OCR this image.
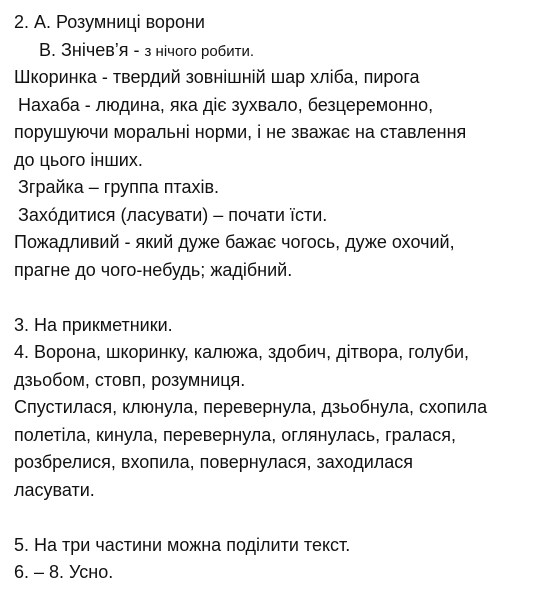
2. А. Розумниці ворони
В. Знічев’я - з нічого робити.
Шкоринка - твердий зовнішній шар хліба, пирога
Нахаба - людина, яка діє зухвало, безцеремонно,
порушуючи моральні норми, і не зважає на ставлення
до цього інших.
Зграйка – группа птахів.
Захóдитися (ласувати) – почати їсти.
Пожадливий - який дуже бажає чогось, дуже охочий,
прагне до чого-небудь; жадібний.
3. На прикметники.
4. Ворона, шкоринку, калюжа, здобич, дітвора, голуби,
дзьобом, стовп, розумниця.
Спустилася, клюнула, перевернула, дзьобнула, схопила
полетіла, кинула, перевернула, оглянулась, гралася,
розбрелися, вхопила, повернулася, заходилася
ласувати.
5. На три частини можна поділити текст.
6. – 8. Усно.
